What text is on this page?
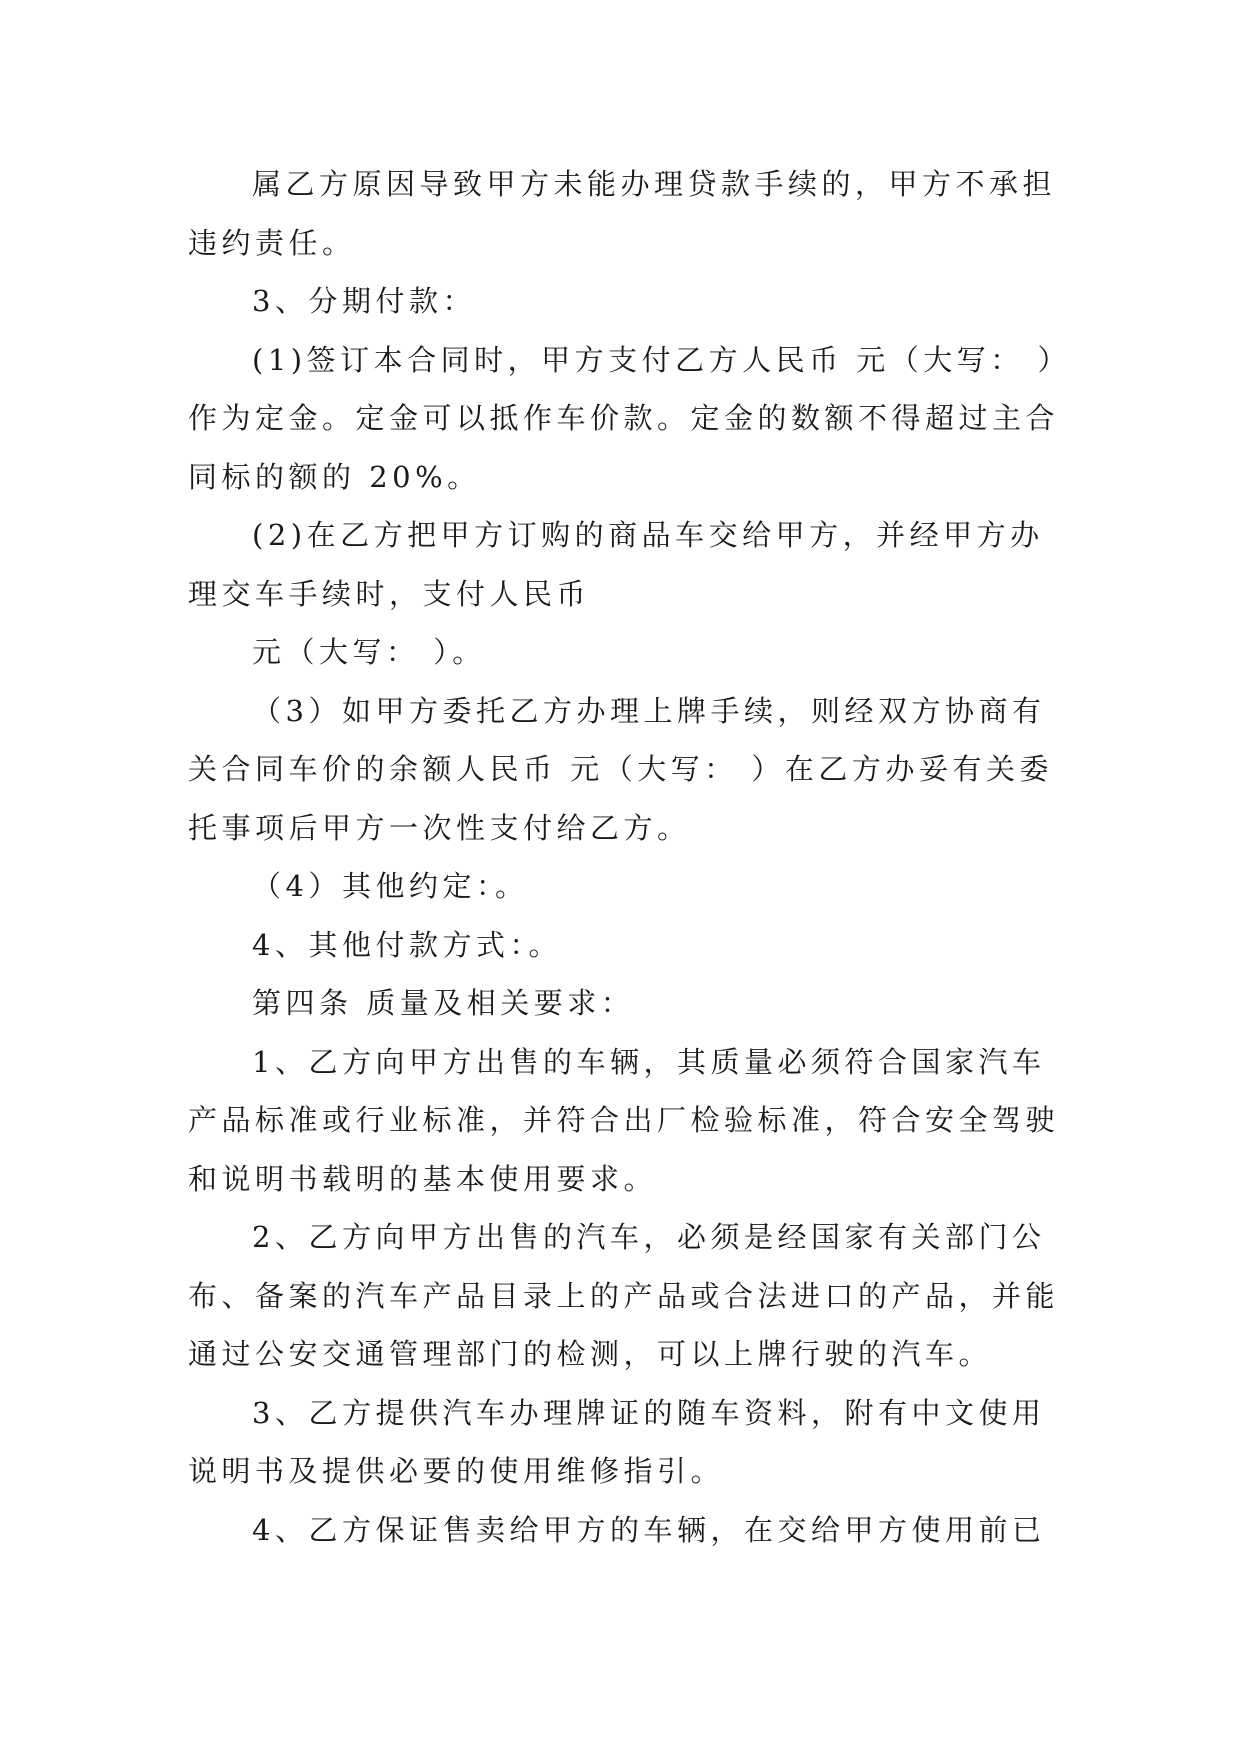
属乙方原因导致甲方未能办理贷款手续的，甲方不承担
违约责任。
3、分期付款：
(1)签订本合同时，甲方支付乙方人民币 元（大写： ）
作为定金。定金可以抵作车价款。定金的数额不得超过主合
同标的额的 20%。
(2)在乙方把甲方订购的商品车交给甲方，并经甲方办
理交车手续时，支付人民币
元（大写： ）。
（3）如甲方委托乙方办理上牌手续，则经双方协商有
关合同车价的余额人民币 元（大写： ）在乙方办妥有关委
托事项后甲方一次性支付给乙方。
（4）其他约定：。
4、其他付款方式：。
第四条 质量及相关要求：
1、乙方向甲方出售的车辆，其质量必须符合国家汽车
产品标准或行业标准，并符合出厂检验标准，符合安全驾驶
和说明书载明的基本使用要求。
2、乙方向甲方出售的汽车，必须是经国家有关部门公
布、备案的汽车产品目录上的产品或合法进口的产品，并能
通过公安交通管理部门的检测，可以上牌行驶的汽车。
3、乙方提供汽车办理牌证的随车资料，附有中文使用
说明书及提供必要的使用维修指引。
4、乙方保证售卖给甲方的车辆，在交给甲方使用前已
